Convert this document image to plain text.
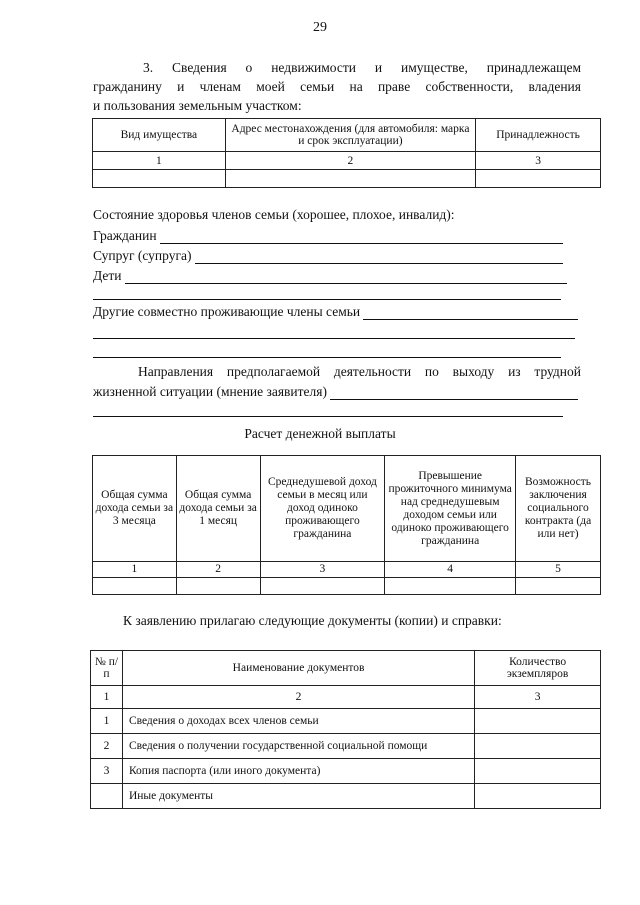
29
3. Сведения о недвижимости и имуществе, принадлежащем
гражданину и членам моей семьи на праве собственности, владения
и пользования земельным участком:
Вид имущества	Адрес местонахождения (для автомобиля: марка и срок эксплуатации)	Принадлежность
1	2	3

Состояние здоровья членов семьи (хорошее, плохое, инвалид):
Гражданин
Супруг (супруга)
Дети
Другие совместно проживающие члены семьи
Направления предполагаемой деятельности по выходу из трудной
жизненной ситуации (мнение заявителя)
Расчет денежной выплаты
Общая сумма дохода семьи за 3 месяца	Общая сумма дохода семьи за 1 месяц	Среднедушевой доход семьи в месяц или доход одиноко проживающего гражданина	Превышение прожиточного минимума над среднедушевым доходом семьи или одиноко проживающего гражданина	Возможность заключения социального контракта (да или нет)
1	2	3	4	5

К заявлению прилагаю следующие документы (копии) и справки:
№ п/п	Наименование документов	Количество экземпляров
1	2	3
1	Сведения о доходах всех членов семьи	
2	Сведения о получении государственной социальной помощи	
3	Копия паспорта (или иного документа)	
	Иные документы	
